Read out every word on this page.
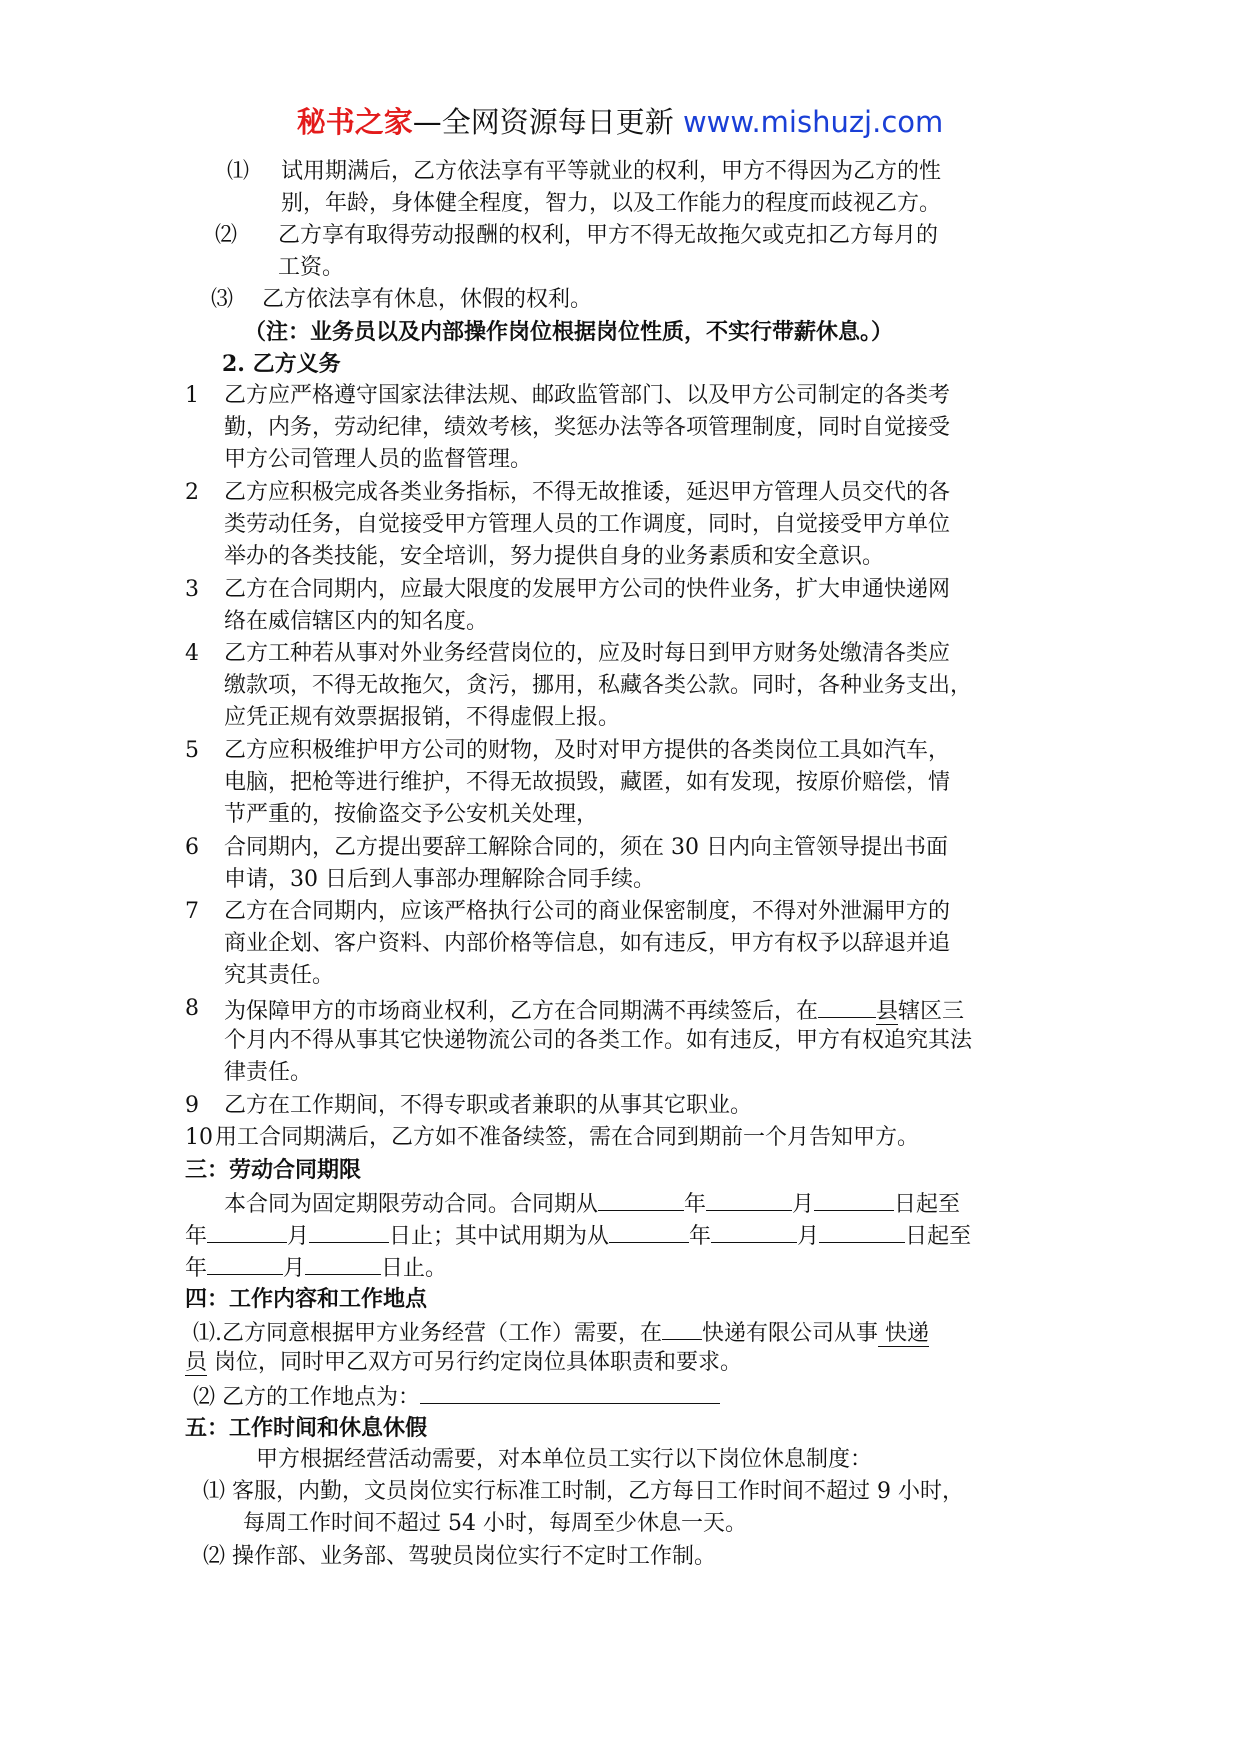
秘书之家—全网资源每日更新 www.mishuzj.com
⑴ 试用期满后，乙方依法享有平等就业的权利，甲方不得因为乙方的性
别，年龄，身体健全程度，智力，以及工作能力的程度而歧视乙方。
⑵ 乙方享有取得劳动报酬的权利，甲方不得无故拖欠或克扣乙方每月的
工资。
⑶ 乙方依法享有休息，休假的权利。
（注：业务员以及内部操作岗位根据岗位性质，不实行带薪休息。）
2. 乙方义务
1 乙方应严格遵守国家法律法规、邮政监管部门、以及甲方公司制定的各类考
勤，内务，劳动纪律，绩效考核，奖惩办法等各项管理制度，同时自觉接受
甲方公司管理人员的监督管理。
2 乙方应积极完成各类业务指标，不得无故推诿，延迟甲方管理人员交代的各
类劳动任务，自觉接受甲方管理人员的工作调度，同时，自觉接受甲方单位
举办的各类技能，安全培训，努力提供自身的业务素质和安全意识。
3 乙方在合同期内，应最大限度的发展甲方公司的快件业务，扩大申通快递网
络在威信辖区内的知名度。
4 乙方工种若从事对外业务经营岗位的，应及时每日到甲方财务处缴清各类应
缴款项，不得无故拖欠，贪污，挪用，私藏各类公款。同时，各种业务支出，
应凭正规有效票据报销，不得虚假上报。
5 乙方应积极维护甲方公司的财物，及时对甲方提供的各类岗位工具如汽车，
电脑，把枪等进行维护，不得无故损毁，藏匿，如有发现，按原价赔偿，情
节严重的，按偷盗交予公安机关处理，
6 合同期内，乙方提出要辞工解除合同的，须在 30 日内向主管领导提出书面
申请，30 日后到人事部办理解除合同手续。
7 乙方在合同期内，应该严格执行公司的商业保密制度，不得对外泄漏甲方的
商业企划、客户资料、内部价格等信息，如有违反，甲方有权予以辞退并追
究其责任。
8 为保障甲方的市场商业权利，乙方在合同期满不再续签后，在	县辖区三
个月内不得从事其它快递物流公司的各类工作。如有违反，甲方有权追究其法
律责任。
9 乙方在工作期间，不得专职或者兼职的从事其它职业。
10 用工合同期满后，乙方如不准备续签，需在合同到期前一个月告知甲方。
三：劳动合同期限
本合同为固定期限劳动合同。合同期从	年	月	日起至
年	月	日止；其中试用期为从	年	月	日起至
年	月	日止。
四：工作内容和工作地点
⑴.乙方同意根据甲方业务经营（工作）需要，在 快递有限公司从事 快递
员 岗位，同时甲乙双方可另行约定岗位具体职责和要求。
⑵ 乙方的工作地点为：
五：工作时间和休息休假
甲方根据经营活动需要，对本单位员工实行以下岗位休息制度：
⑴ 客服，内勤，文员岗位实行标准工时制，乙方每日工作时间不超过 9 小时，
每周工作时间不超过 54 小时，每周至少休息一天。
⑵ 操作部、业务部、驾驶员岗位实行不定时工作制。
